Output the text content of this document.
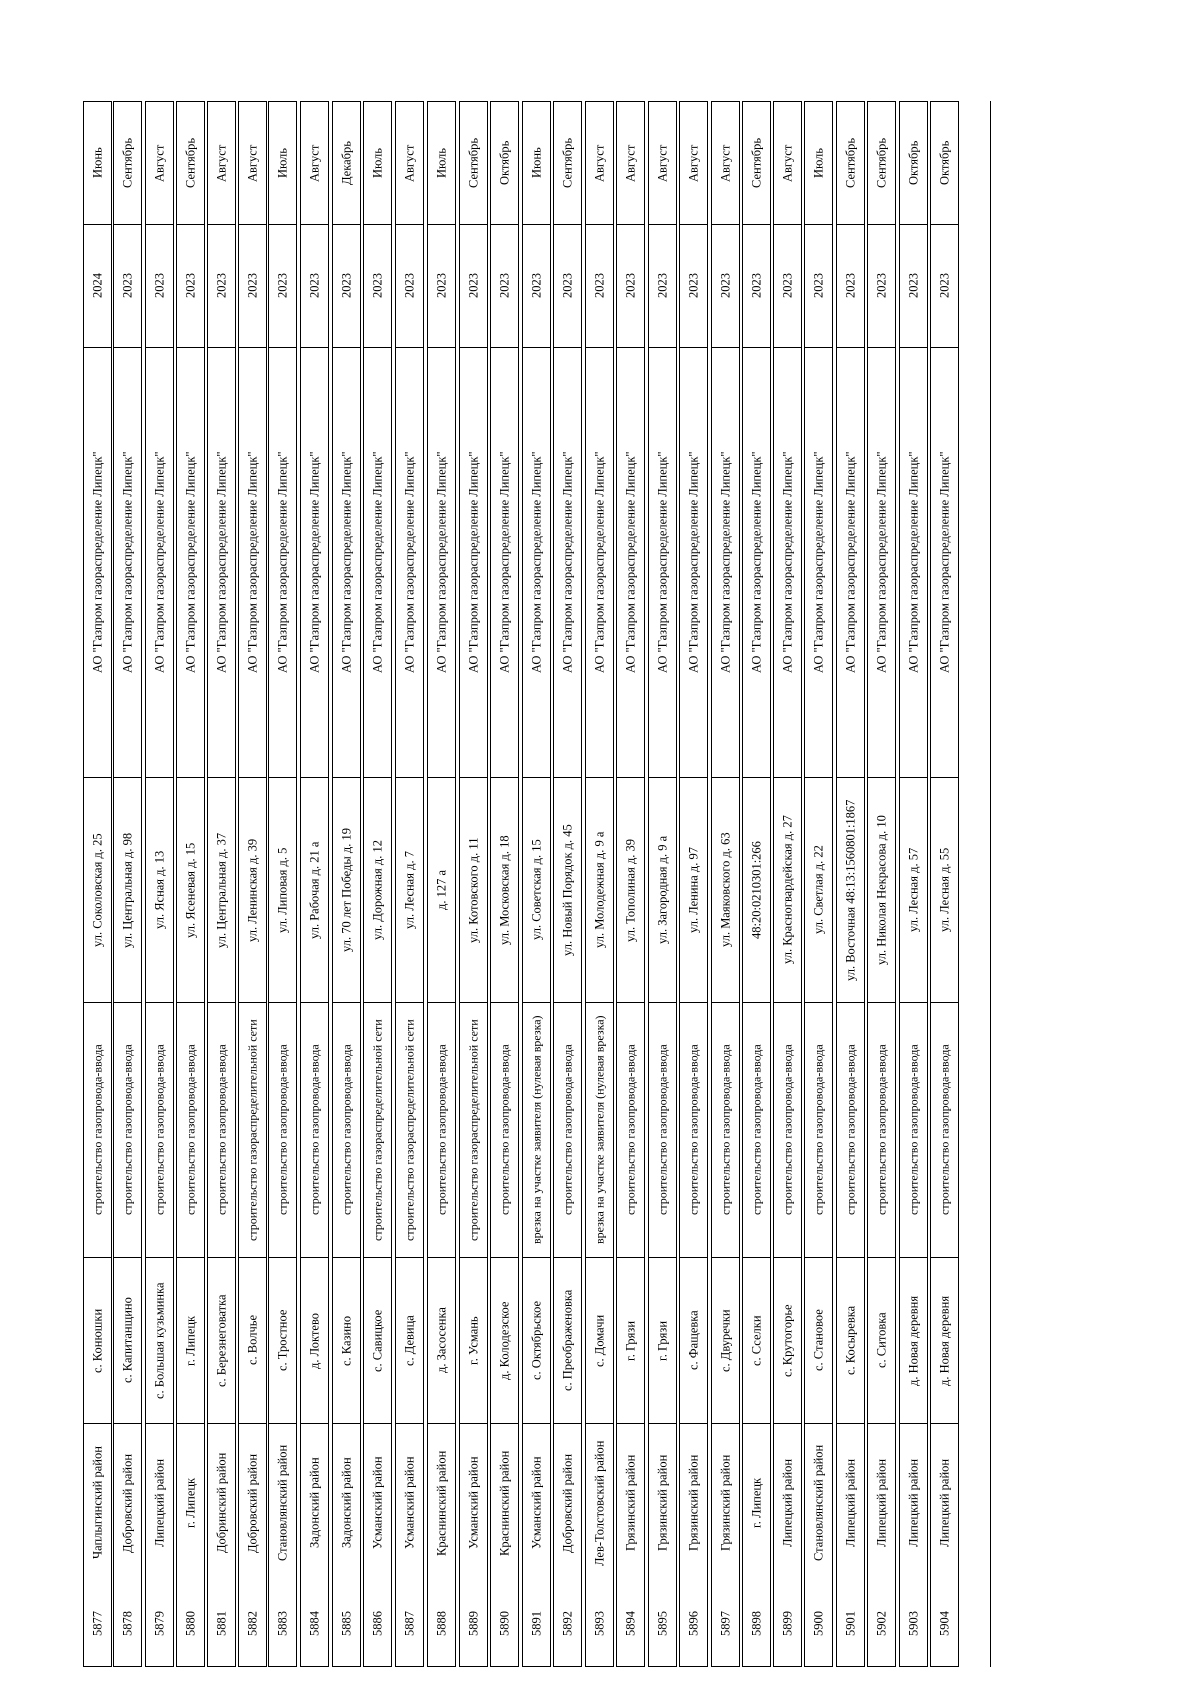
5877
Чаплыгинский район
с. Конюшки
строительство газопровода-ввода
ул. Соколовская д. 25
АО "Газпром газораспределение Липецк"
2024
Июнь
5878
Добровский район
с. Капитанщино
строительство газопровода-ввода
ул. Центральная д. 98
АО "Газпром газораспределение Липецк"
2023
Сентябрь
5879
Липецкий район
с. Большая кузьминка
строительство газопровода-ввода
ул. Ясная д. 13
АО "Газпром газораспределение Липецк"
2023
Август
5880
г. Липецк
г. Липецк
строительство газопровода-ввода
ул. Ясеневая д. 15
АО "Газпром газораспределение Липецк"
2023
Сентябрь
5881
Добринский район
с. Березнеговатка
строительство газопровода-ввода
ул. Центральная д. 37
АО "Газпром газораспределение Липецк"
2023
Август
5882
Добровский район
с. Волчье
строительство газораспределительной сети
ул. Ленинская д. 39
АО "Газпром газораспределение Липецк"
2023
Август
5883
Становлянский район
с. Тростное
строительство газопровода-ввода
ул. Липовая д. 5
АО "Газпром газораспределение Липецк"
2023
Июль
5884
Задонский район
д. Локтево
строительство газопровода-ввода
ул. Рабочая д. 21 а
АО "Газпром газораспределение Липецк"
2023
Август
5885
Задонский район
с. Казино
строительство газопровода-ввода
ул. 70 лет Победы д. 19
АО "Газпром газораспределение Липецк"
2023
Декабрь
5886
Усманский район
с. Савицкое
строительство газораспределительной сети
ул. Дорожная д. 12
АО "Газпром газораспределение Липецк"
2023
Июль
5887
Усманский район
с. Девица
строительство газораспределительной сети
ул. Лесная д. 7
АО "Газпром газораспределение Липецк"
2023
Август
5888
Краснинский район
д. Засосенка
строительство газопровода-ввода
д. 127 а
АО "Газпром газораспределение Липецк"
2023
Июль
5889
Усманский район
г. Усмань
строительство газораспределительной сети
ул. Котовского д. 11
АО "Газпром газораспределение Липецк"
2023
Сентябрь
5890
Краснинский район
д. Колодезское
строительство газопровода-ввода
ул. Московская д. 18
АО "Газпром газораспределение Липецк"
2023
Октябрь
5891
Усманский район
с. Октябрьское
врезка на участке заявителя (нулевая врезка)
ул. Советская д. 15
АО "Газпром газораспределение Липецк"
2023
Июнь
5892
Добровский район
с. Преображеновка
строительство газопровода-ввода
ул. Новый Порядок д. 45
АО "Газпром газораспределение Липецк"
2023
Сентябрь
5893
Лев-Толстовский район
с. Домачи
врезка на участке заявителя (нулевая врезка)
ул. Молодежная д. 9 а
АО "Газпром газораспределение Липецк"
2023
Август
5894
Грязинский район
г. Грязи
строительство газопровода-ввода
ул. Тополиная д. 39
АО "Газпром газораспределение Липецк"
2023
Август
5895
Грязинский район
г. Грязи
строительство газопровода-ввода
ул. Загородная д. 9 а
АО "Газпром газораспределение Липецк"
2023
Август
5896
Грязинский район
с. Фащевка
строительство газопровода-ввода
ул. Ленина д. 97
АО "Газпром газораспределение Липецк"
2023
Август
5897
Грязинский район
с. Двуречки
строительство газопровода-ввода
ул. Маяковского д. 63
АО "Газпром газораспределение Липецк"
2023
Август
5898
г. Липецк
с. Сселки
строительство газопровода-ввода
48:20:0210301:266
АО "Газпром газораспределение Липецк"
2023
Сентябрь
5899
Липецкий район
с. Крутогорье
строительство газопровода-ввода
ул. Красногвардейская д. 27
АО "Газпром газораспределение Липецк"
2023
Август
5900
Становлянский район
с. Становое
строительство газопровода-ввода
ул. Светлая д. 22
АО "Газпром газораспределение Липецк"
2023
Июль
5901
Липецкий район
с. Косыревка
строительство газопровода-ввода
ул. Восточная 48:13:1560801:1867
АО "Газпром газораспределение Липецк"
2023
Сентябрь
5902
Липецкий район
с. Ситовка
строительство газопровода-ввода
ул. Николая Некрасова д. 10
АО "Газпром газораспределение Липецк"
2023
Сентябрь
5903
Липецкий район
д. Новая деревня
строительство газопровода-ввода
ул. Лесная д. 57
АО "Газпром газораспределение Липецк"
2023
Октябрь
5904
Липецкий район
д. Новая деревня
строительство газопровода-ввода
ул. Лесная д. 55
АО "Газпром газораспределение Липецк"
2023
Октябрь
